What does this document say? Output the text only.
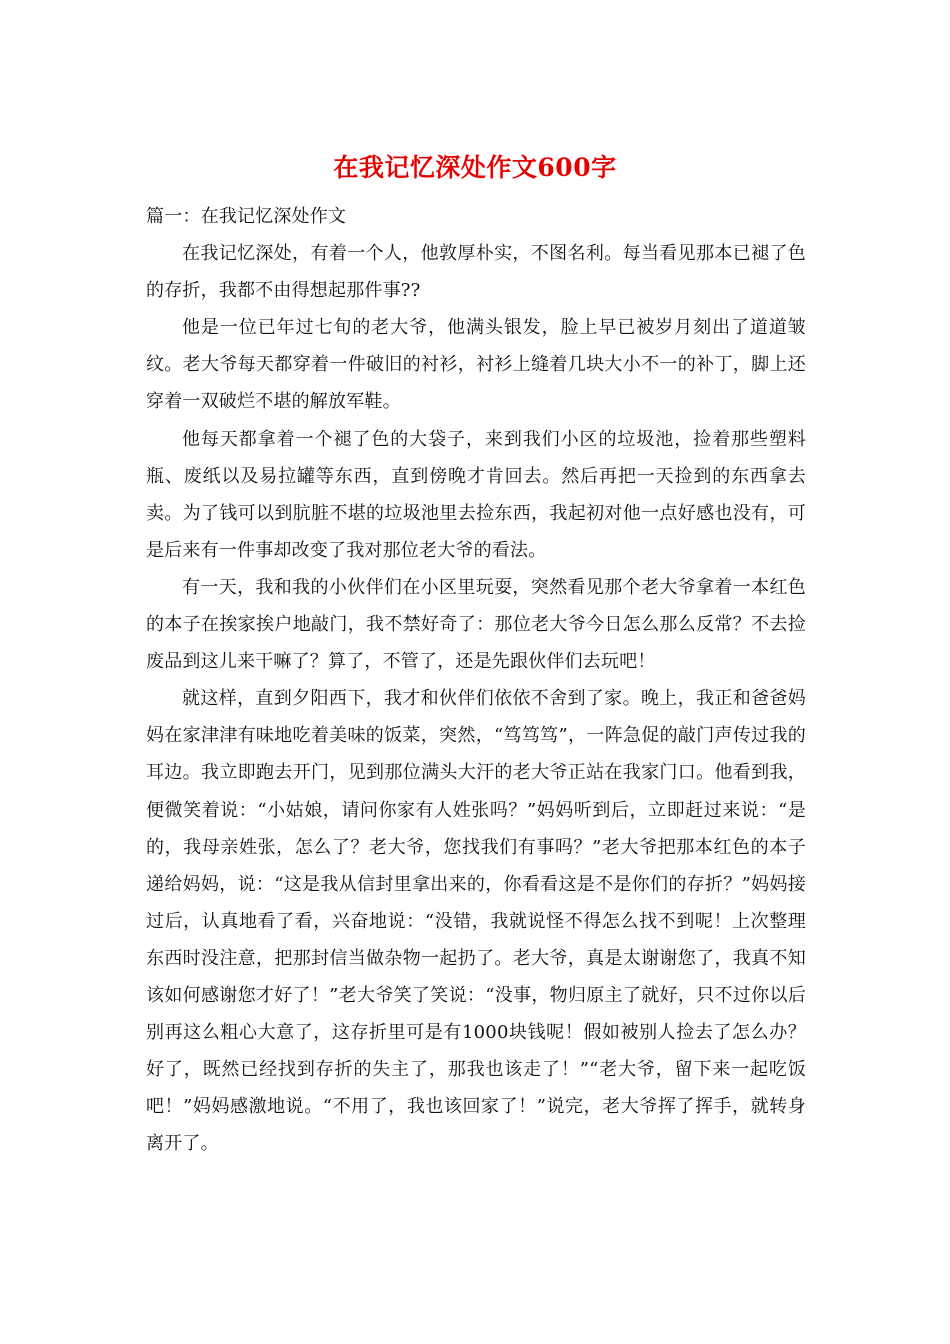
在我记忆深处作文600字

篇一：在我记忆深处作文

在我记忆深处，有着一个人，他敦厚朴实，不图名利。每当看见那本已褪了色的存折，我都不由得想起那件事??

他是一位已年过七旬的老大爷，他满头银发，脸上早已被岁月刻出了道道皱纹。老大爷每天都穿着一件破旧的衬衫，衬衫上缝着几块大小不一的补丁，脚上还穿着一双破烂不堪的解放军鞋。

他每天都拿着一个褪了色的大袋子，来到我们小区的垃圾池，捡着那些塑料瓶、废纸以及易拉罐等东西，直到傍晚才肯回去。然后再把一天捡到的东西拿去卖。为了钱可以到肮脏不堪的垃圾池里去捡东西，我起初对他一点好感也没有，可是后来有一件事却改变了我对那位老大爷的看法。

有一天，我和我的小伙伴们在小区里玩耍，突然看见那个老大爷拿着一本红色的本子在挨家挨户地敲门，我不禁好奇了：那位老大爷今日怎么那么反常？不去捡废品到这儿来干嘛了？算了，不管了，还是先跟伙伴们去玩吧！

就这样，直到夕阳西下，我才和伙伴们依依不舍到了家。晚上，我正和爸爸妈妈在家津津有味地吃着美味的饭菜，突然，“笃笃笃”，一阵急促的敲门声传过我的耳边。我立即跑去开门，见到那位满头大汗的老大爷正站在我家门口。他看到我，便微笑着说：“小姑娘，请问你家有人姓张吗？”妈妈听到后，立即赶过来说：“是的，我母亲姓张，怎么了？老大爷，您找我们有事吗？”老大爷把那本红色的本子递给妈妈，说：“这是我从信封里拿出来的，你看看这是不是你们的存折？”妈妈接过后，认真地看了看，兴奋地说：“没错，我就说怪不得怎么找不到呢！上次整理东西时没注意，把那封信当做杂物一起扔了。老大爷，真是太谢谢您了，我真不知该如何感谢您才好了！”老大爷笑了笑说：“没事，物归原主了就好，只不过你以后别再这么粗心大意了，这存折里可是有1000块钱呢！假如被别人捡去了怎么办？好了，既然已经找到存折的失主了，那我也该走了！”“老大爷，留下来一起吃饭吧！”妈妈感激地说。“不用了，我也该回家了！”说完，老大爷挥了挥手，就转身离开了。
